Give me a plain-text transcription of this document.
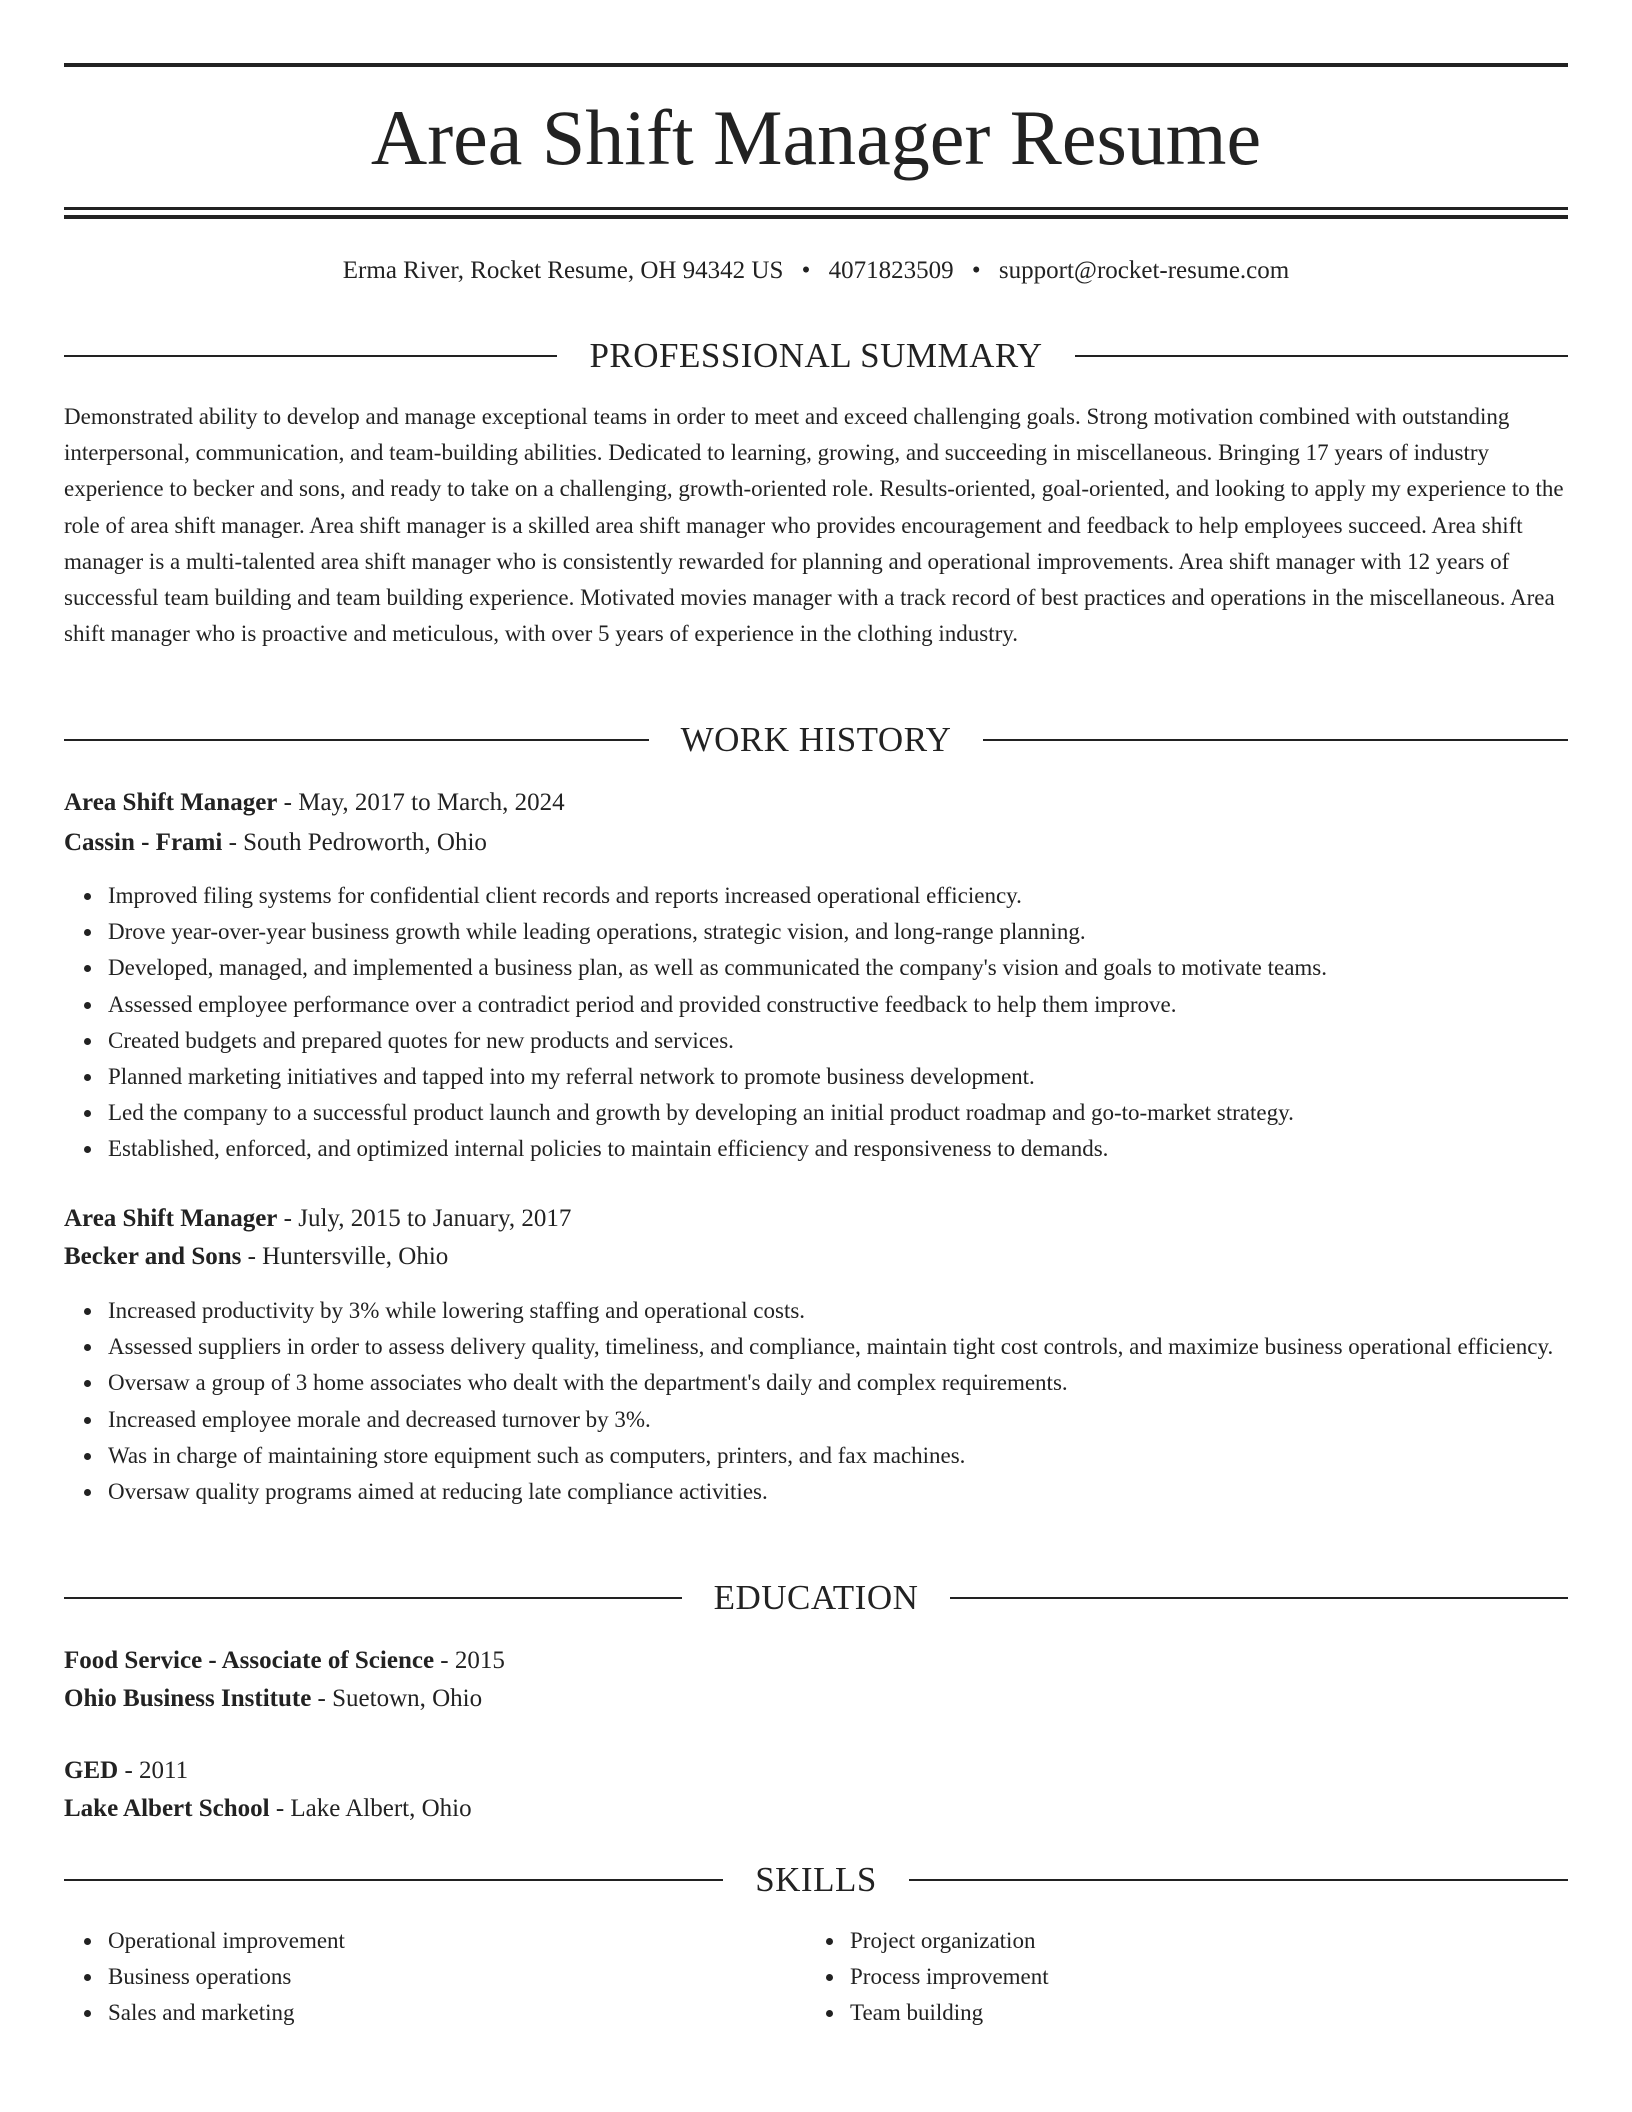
Area Shift Manager Resume
Erma River, Rocket Resume, OH 94342 US • 4071823509 • support@rocket-resume.com
PROFESSIONAL SUMMARY

Demonstrated ability to develop and manage exceptional teams in order to meet and exceed challenging goals. Strong motivation combined with outstanding interpersonal, communication, and team-building abilities. Dedicated to learning, growing, and succeeding in miscellaneous. Bringing 17 years of industry experience to becker and sons, and ready to take on a challenging, growth-oriented role. Results-oriented, goal-oriented, and looking to apply my experience to the role of area shift manager. Area shift manager is a skilled area shift manager who provides encouragement and feedback to help employees succeed. Area shift manager is a multi-talented area shift manager who is consistently rewarded for planning and operational improvements. Area shift manager with 12 years of successful team building and team building experience. Motivated movies manager with a track record of best practices and operations in the miscellaneous. Area shift manager who is proactive and meticulous, with over 5 years of experience in the clothing industry.

WORK HISTORY
Area Shift Manager - May, 2017 to March, 2024
Cassin - Frami - South Pedroworth, Ohio
Improved filing systems for confidential client records and reports increased operational efficiency.
Drove year-over-year business growth while leading operations, strategic vision, and long-range planning.
Developed, managed, and implemented a business plan, as well as communicated the company's vision and goals to motivate teams.
Assessed employee performance over a contradict period and provided constructive feedback to help them improve.
Created budgets and prepared quotes for new products and services.
Planned marketing initiatives and tapped into my referral network to promote business development.
Led the company to a successful product launch and growth by developing an initial product roadmap and go-to-market strategy.
Established, enforced, and optimized internal policies to maintain efficiency and responsiveness to demands.
Area Shift Manager - July, 2015 to January, 2017
Becker and Sons - Huntersville, Ohio
Increased productivity by 3% while lowering staffing and operational costs.
Assessed suppliers in order to assess delivery quality, timeliness, and compliance, maintain tight cost controls, and maximize business operational efficiency.
Oversaw a group of 3 home associates who dealt with the department's daily and complex requirements.
Increased employee morale and decreased turnover by 3%.
Was in charge of maintaining store equipment such as computers, printers, and fax machines.
Oversaw quality programs aimed at reducing late compliance activities.
EDUCATION
Food Service - Associate of Science - 2015
Ohio Business Institute - Suetown, Ohio
GED - 2011
Lake Albert School - Lake Albert, Ohio
SKILLS
Operational improvement
Business operations
Sales and marketing
Project organization
Process improvement
Team building
